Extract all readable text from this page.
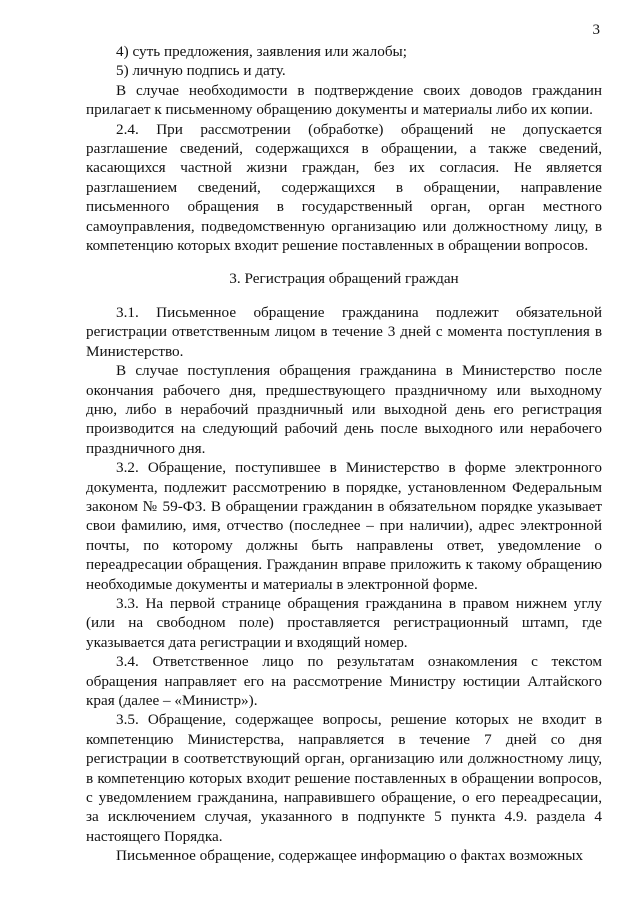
3

4) суть предложения, заявления или жалобы;

5) личную подпись и дату.

В случае необходимости в подтверждение своих доводов гражданин прилагает к письменному обращению документы и материалы либо их копии.

2.4. При рассмотрении (обработке) обращений не допускается разглашение сведений, содержащихся в обращении, а также сведений, касающихся частной жизни граждан, без их согласия. Не является разглашением сведений, содержащихся в обращении, направление письменного обращения в государственный орган, орган местного самоуправления, подведомственную организацию или должностному лицу, в компетенцию которых входит решение поставленных в обращении вопросов.

3. Регистрация обращений граждан

3.1. Письменное обращение гражданина подлежит обязательной регистрации ответственным лицом в течение 3 дней с момента поступления в Министерство.

В случае поступления обращения гражданина в Министерство после окончания рабочего дня, предшествующего праздничному или выходному дню, либо в нерабочий праздничный или выходной день его регистрация производится на следующий рабочий день после выходного или нерабочего праздничного дня.

3.2. Обращение, поступившее в Министерство в форме электронного документа, подлежит рассмотрению в порядке, установленном Федеральным законом № 59-ФЗ. В обращении гражданин в обязательном порядке указывает свои фамилию, имя, отчество (последнее – при наличии), адрес электронной почты, по которому должны быть направлены ответ, уведомление о переадресации обращения. Гражданин вправе приложить к такому обращению необходимые документы и материалы в электронной форме.

3.3. На первой странице обращения гражданина в правом нижнем углу (или на свободном поле) проставляется регистрационный штамп, где указывается дата регистрации и входящий номер.

3.4. Ответственное лицо по результатам ознакомления с текстом обращения направляет его на рассмотрение Министру юстиции Алтайского края (далее – «Министр»).

3.5. Обращение, содержащее вопросы, решение которых не входит в компетенцию Министерства, направляется в течение 7 дней со дня регистрации в соответствующий орган, организацию или должностному лицу, в компетенцию которых входит решение поставленных в обращении вопросов, с уведомлением гражданина, направившего обращение, о его переадресации, за исключением случая, указанного в подпункте 5 пункта 4.9. раздела 4 настоящего Порядка.

Письменное обращение, содержащее информацию о фактах возможных
